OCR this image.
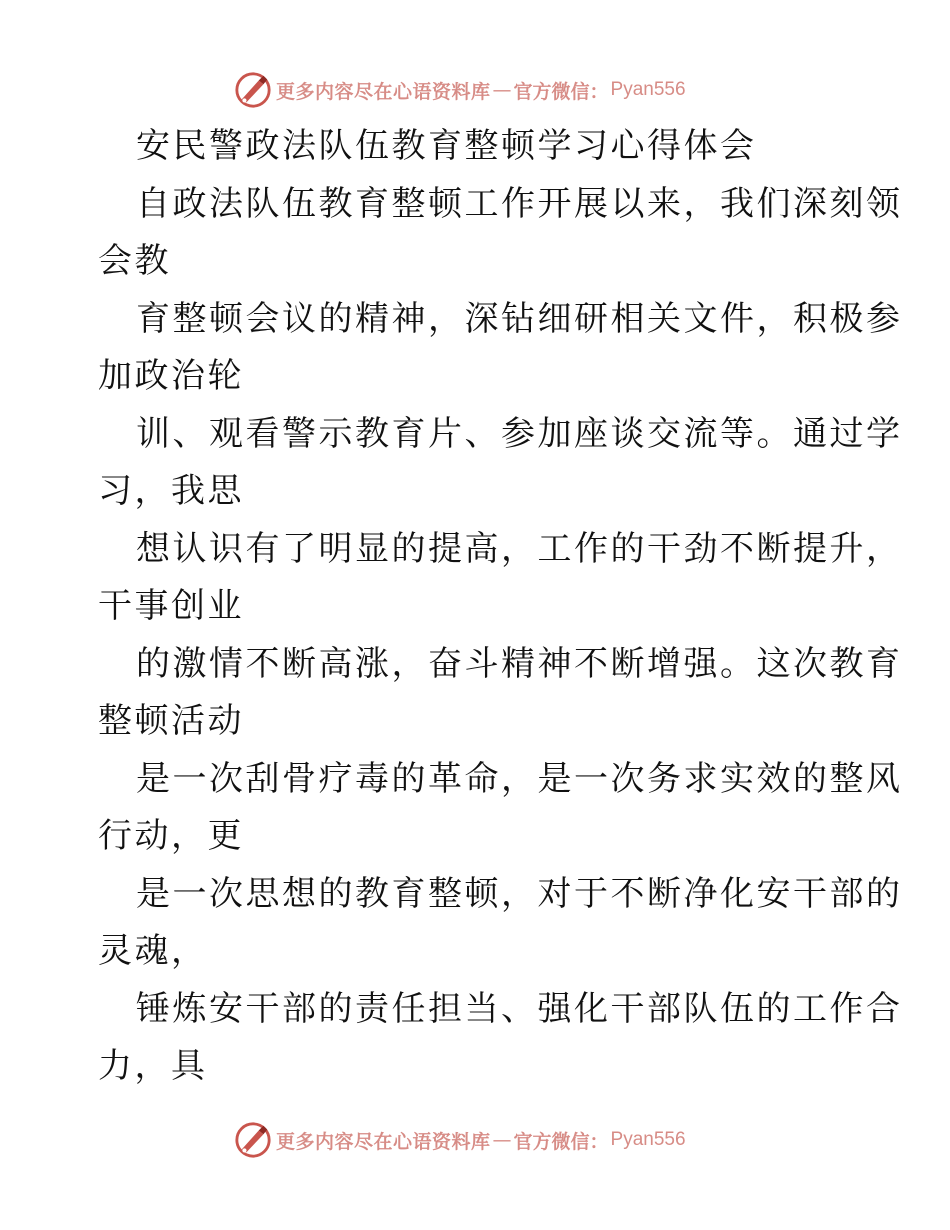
更多内容尽在心语资料库 — 官方微信： Pyan556
安民警政法队伍教育整顿学习心得体会
自政法队伍教育整顿工作开展以来，我们深刻领
会教
育整顿会议的精神，深钻细研相关文件，积极参
加政治轮
训、观看警示教育片、参加座谈交流等。通过学
习，我思
想认识有了明显的提高，工作的干劲不断提升，
干事创业
的激情不断高涨，奋斗精神不断增强。这次教育
整顿活动
是一次刮骨疗毒的革命，是一次务求实效的整风
行动，更
是一次思想的教育整顿，对于不断净化安干部的
灵魂，
锤炼安干部的责任担当、强化干部队伍的工作合
力，具
更多内容尽在心语资料库 — 官方微信： Pyan556
